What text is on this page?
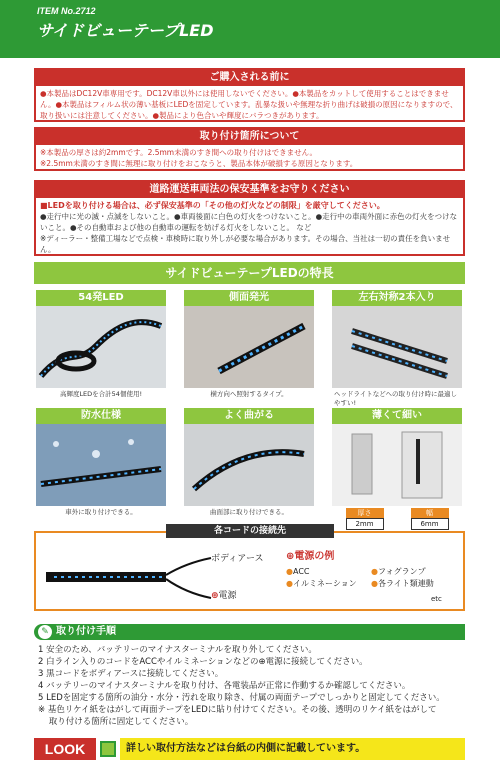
ITEM No.2712
サイドビューテープLED
ご購入される前に
●本製品はDC12V車専用です。DC12V車以外には使用しないでください。●本製品をカットして使用することはできません。●本製品はフィルム状の薄い基板にLEDを固定しています。乱暴な扱いや無理な折り曲げは破損の原因になりますので、取り扱いには注意してください。●製品により色合いや輝度にバラつきがあります。
取り付け箇所について
※本製品の厚さは約2mmです。2.5mm未満のすき間への取り付けはできません。
※2.5mm未満のすき間に無理に取り付けをおこなうと、製品本体が破損する原因となります。
道路運送車両法の保安基準をお守りください
■LEDを取り付ける場合は、必ず保安基準の「その他の灯火などの制限」を厳守してください。
●走行中に光の滅・点滅をしないこと。●車両後面に白色の灯火をつけないこと。●走行中の車両外面に赤色の灯火をつけないこと。●その自動車および他の自動車の運転を妨げる灯火をしないこと。 など
※ディーラー・整備工場などで点検・車検時に取り外しが必要な場合があります。その場合、当社は一切の責任を負いません。
サイドビューテープLEDの特長
54発LED
高輝度LEDを合計54個使用!
側面発光
横方向へ照射するタイプ。
左右対称2本入り
ヘッドライトなどへの取り付け時に最適しやすい!
防水仕様
車外に取り付けできる。
よく曲がる
曲面部に取り付けできる。
薄くて細い
厚さ
2mm
幅
6mm
ボディアース
⊕電源
⊕電源の例
●ACC	●フォグランプ
●イルミネーション	●各ライト類連動
etc
各コードの接続先
✎ 取り付け手順
1 安全のため、バッテリーのマイナスターミナルを取り外してください。
2 白ライン入りのコードをACCやイルミネーションなどの⊕電源に接続してください。
3 黒コードをボディアースに接続してください。
4 バッテリーのマイナスターミナルを取り付け、各電装品が正常に作動するか確認してください。
5 LEDを固定する箇所の油分・水分・汚れを取り除き、付属の両面テープでしっかりと固定してください。
※ 基色リケイ紙をはがして両面テープをLEDに貼り付けてください。その後、透明のリケイ紙をはがして
取り付ける箇所に固定してください。
LOOK	詳しい取付方法などは台紙の内側に記載しています。
